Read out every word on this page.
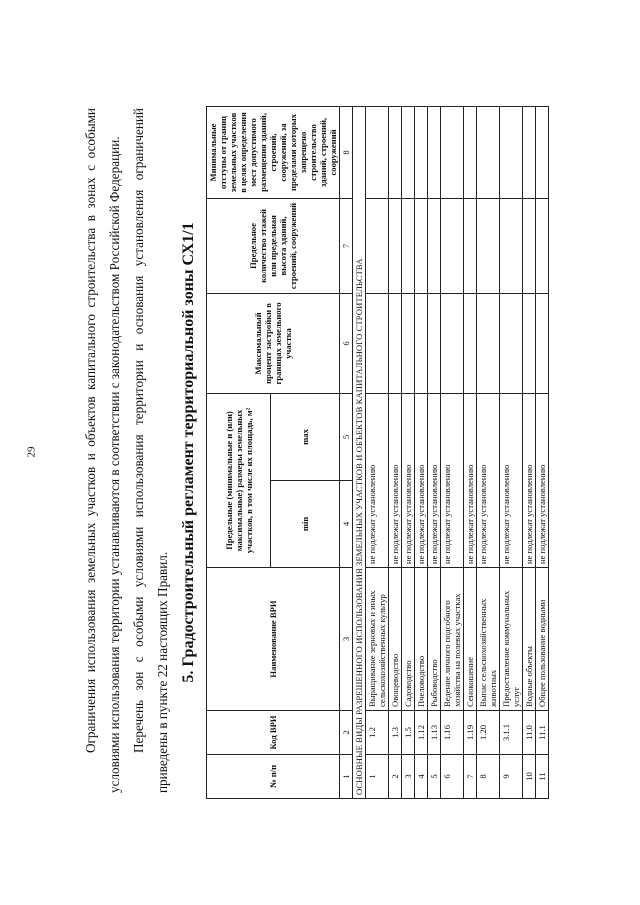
29	Ограничения использования земельных участков и объектов капитального строительства в зонах с особыми условиями использования территории устанавливаются в соответствии с законодательством Российской Федерации. Перечень зон с особыми условиями использования территории и основания установления ограничений приведены в пункте 22 настоящих Правил. 5. Градостроительный регламент территориальной зоны СХ1/1
№ п/п	Код ВРИ	Наименование ВРИ	Предельные (минимальные и (или) максимальные) размеры земельных участков, в том числе их площадь, м²		Максимальный процент застройки в границах земельного участка	Предельное количество этажей или предельная высота зданий, строений, сооружений	Минимальные отступы от границ земельных участков в целях определения мест допустимого размещения зданий, строений, сооружений, за пределами которых запрещено строительство зданий, строений, сооружений
			min	max			
1	2	3	4	5	6	7	8
ОСНОВНЫЕ ВИДЫ РАЗРЕШЕННОГО ИСПОЛЬЗОВАНИЯ ЗЕМЕЛЬНЫХ УЧАСТКОВ И ОБЪЕКТОВ КАПИТАЛЬНОГО СТРОИТЕЛЬСТВА							
1	1.2	Выращивание зерновых и иных сельскохозяйственных культур	не подлежат установлению				
2	1.3	Овощеводство	не подлежат установлению				
3	1.5	Садоводство	не подлежат установлению				
4	1.12	Пчеловодство	не подлежат установлению				
5	1.13	Рыбоводство	не подлежат установлению				
6	1.16	Ведение личного подсобного хозяйства на полевых участках	не подлежат установлению				
7	1.19	Сенокошение	не подлежат установлению				
8	1.20	Выпас сельскохозяйственных животных	не подлежат установлению				
9	3.1.1	Предоставление коммунальных услуг	не подлежат установлению				
10	11.0	Водные объекты	не подлежат установлению				
11	11.1	Общее пользование водными	не подлежат установлению				
